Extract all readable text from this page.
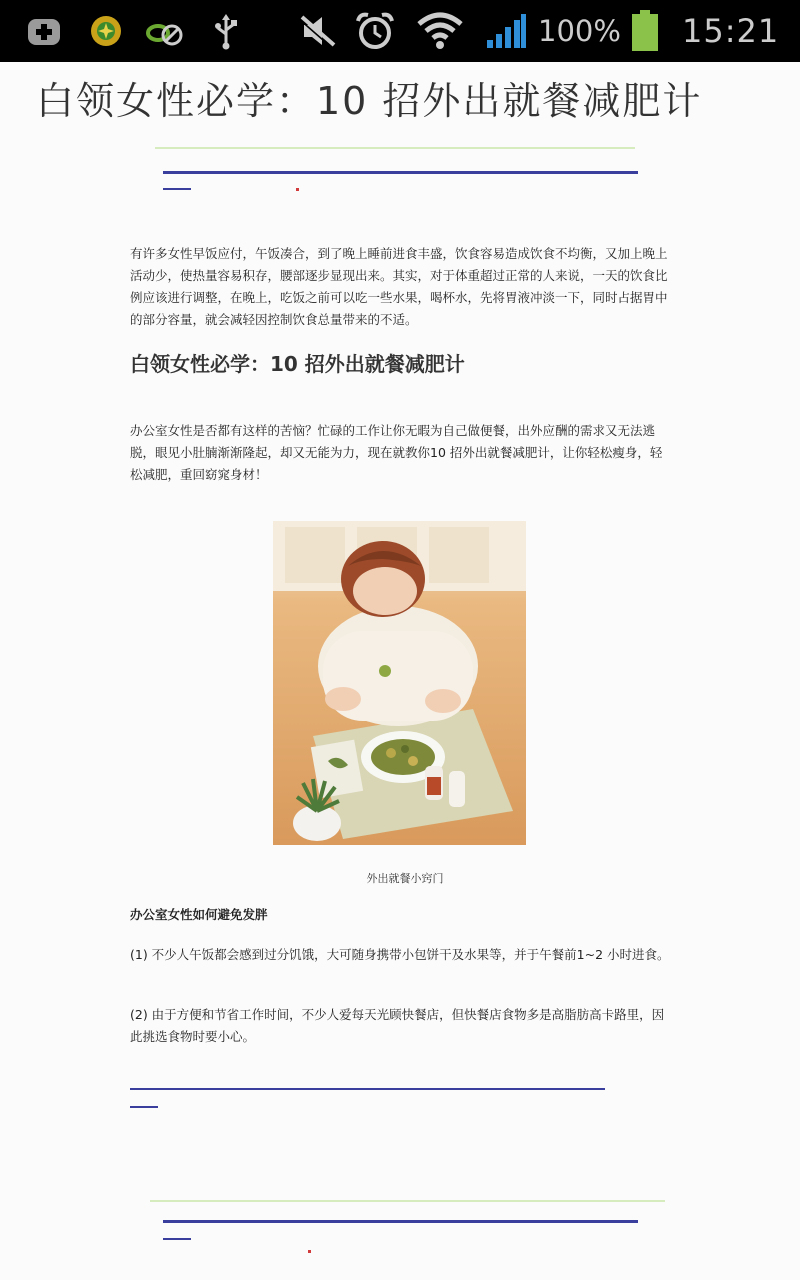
100% 15:21
白领女性必学：10 招外出就餐减肥计

有许多女性早饭应付，午饭凑合，到了晚上睡前进食丰盛，饮食容易造成饮食不均衡，又加上晚上活动少，使热量容易积存，腰部逐步显现出来。其实，对于体重超过正常的人来说，一天的饮食比例应该进行调整，在晚上，吃饭之前可以吃一些水果，喝杯水，先将胃液冲淡一下，同时占据胃中的部分容量，就会减轻因控制饮食总量带来的不适。

白领女性必学：10 招外出就餐减肥计

办公室女性是否都有这样的苦恼？忙碌的工作让你无暇为自己做便餐，出外应酬的需求又无法逃脱，眼见小肚腩渐渐隆起，却又无能为力，现在就教你10 招外出就餐减肥计，让你轻松瘦身，轻松减肥，重回窈窕身材！

外出就餐小窍门

办公室女性如何避免发胖

(1) 不少人午饭都会感到过分饥饿，大可随身携带小包饼干及水果等，并于午餐前1~2 小时进食。

(2) 由于方便和节省工作时间，不少人爱每天光顾快餐店，但快餐店食物多是高脂肪高卡路里，因此挑选食物时要小心。
